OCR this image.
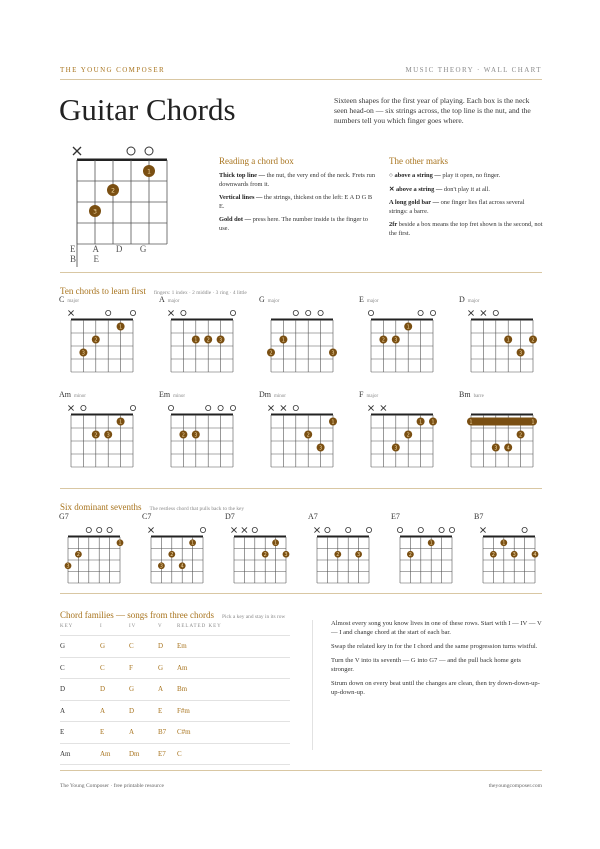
THE YOUNG COMPOSER	MUSIC THEORY · WALL CHART
Guitar Chords	Sixteen shapes for the first year of playing. Each box is the neck seen head-on — six strings across, the top line is the nut, and the numbers tell you which finger goes where.
3
2
1
E A D G B E
Reading a chord box
Thick top line — the nut, the very end of the neck. Frets run downwards from it.
Vertical lines — the strings, thickest on the left: E A D G B E.
Gold dot — press here. The number inside is the finger to use.
The other marks
○ above a string — play it open, no finger.
✕ above a string — don't play it at all.
A long gold bar — one finger lies flat across several strings: a barre.
2fr beside a box means the top fret shown is the second, not the first.
Ten chords to learn first fingers: 1 index · 2 middle · 3 ring · 4 little
Cmajor
3
2
1
Amajor
1 2 3
Gmajor
2
1
3
Emajor
2 3
1
Dmajor
1
3
2
Am minor
2 3
1
Em minor
2 3
Dm minor
2
3
1
Fmajor
3
2
1 1
Bm barre
1	1
3 4
2
Six dominant sevenths The restless chord that pulls back to the key
G7
3
2
1
C7
3
2
4
1
D7
2
1
3
A7
2	3
E7
2
1
B7
2
1
3	4
Chord families — songs from three chords Pick a key and stay in its row
KEY	I	IV	V	RELATED KEY
G	G	C	D	Em
C	C	F	G	Am
D	D	G	A	Bm
A	A	D	E	F#m
E	E	A	B7	C#m
Am	Am	Dm	E7	C

Almost every song you know lives in one of these rows. Start with I — IV — V — I and change chord at the start of each bar.

Swap the related key in for the I chord and the same progression turns wistful.

Turn the V into its seventh — G into G7 — and the pull back home gets stronger.

Strum down on every beat until the changes are clean, then try down-down-up-up-down-up.

The Young Composer · free printable resource	theyoungcomposer.com
